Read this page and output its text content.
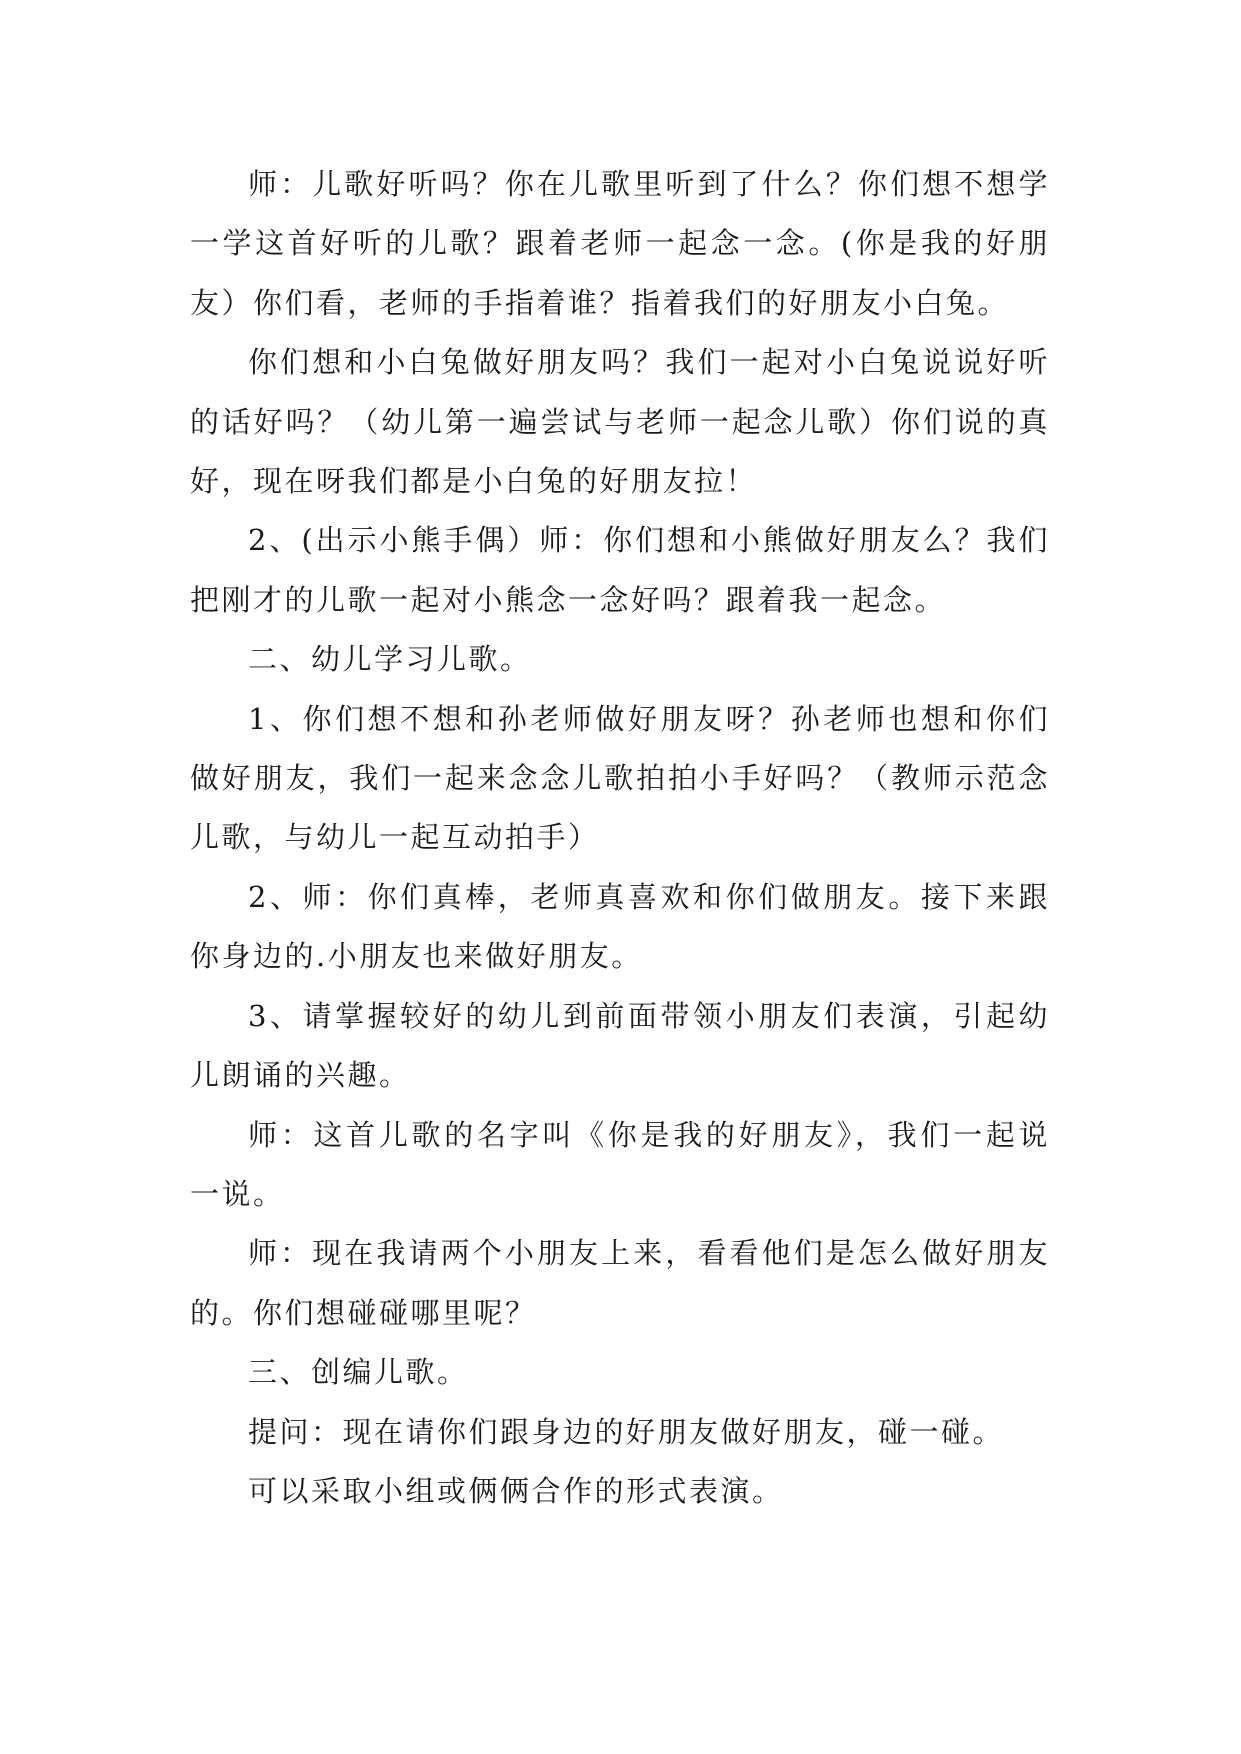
师：儿歌好听吗？你在儿歌里听到了什么？你们想不想学一学这首好听的儿歌？跟着老师一起念一念。(你是我的好朋友）你们看，老师的手指着谁？指着我们的好朋友小白兔。

你们想和小白兔做好朋友吗？我们一起对小白兔说说好听的话好吗？（幼儿第一遍尝试与老师一起念儿歌）你们说的真好，现在呀我们都是小白兔的好朋友拉！

2、(出示小熊手偶）师：你们想和小熊做好朋友么？我们把刚才的儿歌一起对小熊念一念好吗？跟着我一起念。

二、幼儿学习儿歌。

1、你们想不想和孙老师做好朋友呀？孙老师也想和你们做好朋友，我们一起来念念儿歌拍拍小手好吗？（教师示范念儿歌，与幼儿一起互动拍手）

2、师：你们真棒，老师真喜欢和你们做朋友。接下来跟你身边的.小朋友也来做好朋友。

3、请掌握较好的幼儿到前面带领小朋友们表演，引起幼儿朗诵的兴趣。

师：这首儿歌的名字叫《你是我的好朋友》，我们一起说一说。

师：现在我请两个小朋友上来，看看他们是怎么做好朋友的。你们想碰碰哪里呢？

三、创编儿歌。

提问：现在请你们跟身边的好朋友做好朋友，碰一碰。

可以采取小组或俩俩合作的形式表演。
